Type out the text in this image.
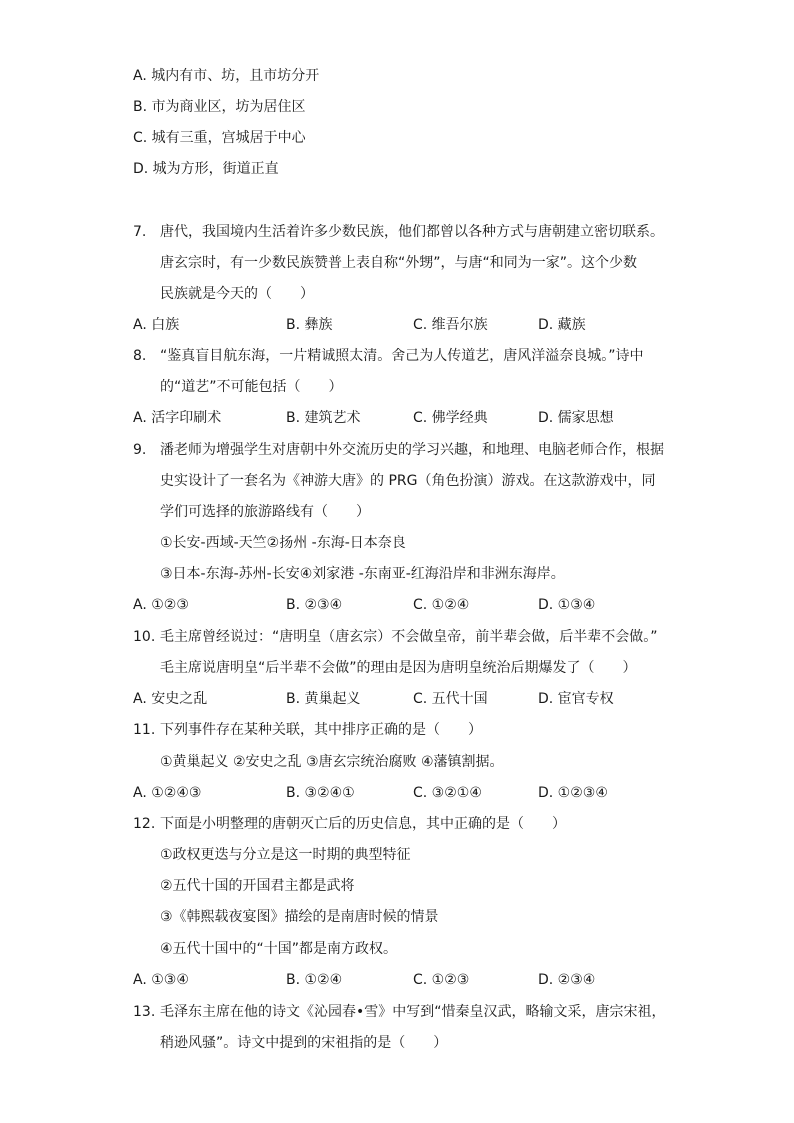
A. 城内有市、坊，且市坊分开
B. 市为商业区，坊为居住区
C. 城有三重，宫城居于中心
D. 城为方形，街道正直
7. 唐代，我国境内生活着许多少数民族，他们都曾以各种方式与唐朝建立密切联系。
唐玄宗时，有一少数民族赞普上表自称“外甥”，与唐“和同为一家”。这个少数
民族就是今天的（　　）
A. 白族	B. 彝族	C. 维吾尔族	D. 藏族
8. “鉴真盲目航东海，一片精诚照太清。舍己为人传道艺，唐风洋溢奈良城。”诗中
的“道艺”不可能包括（　　）
A. 活字印刷术	B. 建筑艺术	C. 佛学经典	D. 儒家思想
9. 潘老师为增强学生对唐朝中外交流历史的学习兴趣，和地理、电脑老师合作，根据
史实设计了一套名为《神游大唐》的 PRG（角色扮演）游戏。在这款游戏中，同
学们可选择的旅游路线有（　　）
①长安-西域-天竺②扬州 -东海-日本奈良
③日本-东海-苏州-长安④刘家港 -东南亚-红海沿岸和非洲东海岸。
A. ①②③	B. ②③④	C. ①②④	D. ①③④
10. 毛主席曾经说过：“唐明皇（唐玄宗）不会做皇帝，前半辈会做，后半辈不会做。”
毛主席说唐明皇“后半辈不会做”的理由是因为唐明皇统治后期爆发了（　　）
A. 安史之乱	B. 黄巢起义	C. 五代十国	D. 宦官专权
11. 下列事件存在某种关联，其中排序正确的是（　　）
①黄巢起义 ②安史之乱 ③唐玄宗统治腐败 ④藩镇割据。
A. ①②④③	B. ③②④①	C. ③②①④	D. ①②③④
12. 下面是小明整理的唐朝灭亡后的历史信息，其中正确的是（　　）
①政权更迭与分立是这一时期的典型特征
②五代十国的开国君主都是武将
③《韩熙载夜宴图》描绘的是南唐时候的情景
④五代十国中的“十国”都是南方政权。
A. ①③④	B. ①②④	C. ①②③	D. ②③④
13. 毛泽东主席在他的诗文《沁园春•雪》中写到“惜秦皇汉武，略输文采，唐宗宋祖，
稍逊风骚”。诗文中提到的宋祖指的是（　　）
